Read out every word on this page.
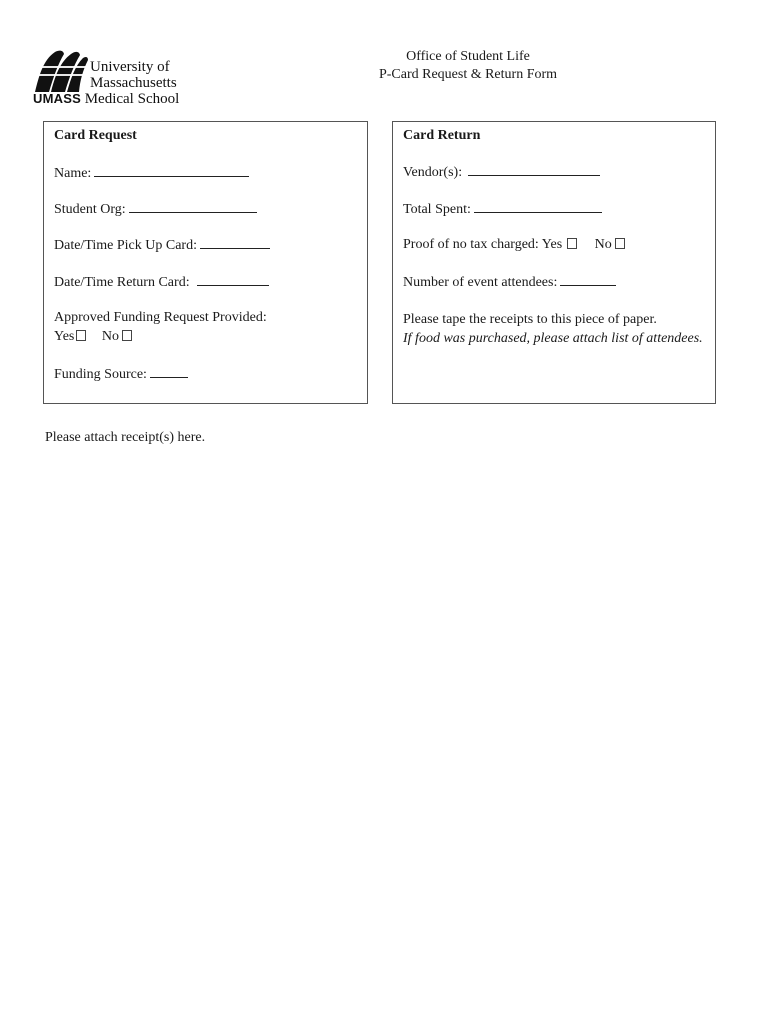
University of
Massachusetts
UMASS Medical School
Office of Student Life
P-Card Request & Return Form
Card Request
Name:
Student Org:
Date/Time Pick Up Card:
Date/Time Return Card:
Approved Funding Request Provided:
Yes No
Funding Source:
Card Return
Vendor(s):
Total Spent:
Proof of no tax charged: Yes No
Number of event attendees:
Please tape the receipts to this piece of paper.
If food was purchased, please attach list of attendees.
Please attach receipt(s) here.
